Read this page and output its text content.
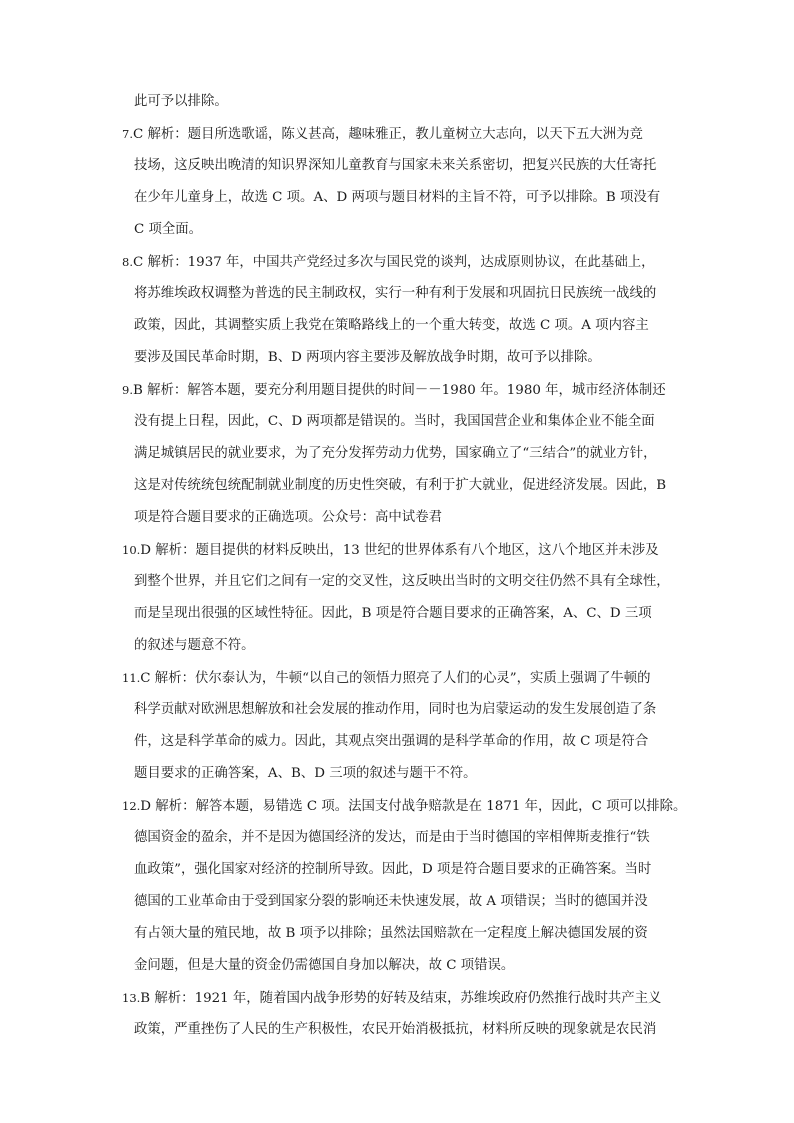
此可予以排除。
7.C 解析：题目所选歌谣，陈义甚高，趣味雅正，教儿童树立大志向，以天下五大洲为竞
技场，这反映出晚清的知识界深知儿童教育与国家未来关系密切，把复兴民族的大任寄托
在少年儿童身上，故选 C 项。A、D 两项与题目材料的主旨不符，可予以排除。B 项没有
C 项全面。
8.C 解析：1937 年，中国共产党经过多次与国民党的谈判，达成原则协议，在此基础上，
将苏维埃政权调整为普选的民主制政权，实行一种有利于发展和巩固抗日民族统一战线的
政策，因此，其调整实质上我党在策略路线上的一个重大转变，故选 C 项。A 项内容主
要涉及国民革命时期，B、D 两项内容主要涉及解放战争时期，故可予以排除。
9.B 解析：解答本题，要充分利用题目提供的时间－－1980 年。1980 年，城市经济体制还
没有提上日程，因此，C、D 两项都是错误的。当时，我国国营企业和集体企业不能全面
满足城镇居民的就业要求，为了充分发挥劳动力优势，国家确立了“三结合”的就业方针，
这是对传统统包统配制就业制度的历史性突破，有利于扩大就业，促进经济发展。因此，B
项是符合题目要求的正确选项。公众号：高中试卷君
10.D 解析：题目提供的材料反映出，13 世纪的世界体系有八个地区，这八个地区并未涉及
到整个世界，并且它们之间有一定的交叉性，这反映出当时的文明交往仍然不具有全球性，
而是呈现出很强的区域性特征。因此，B 项是符合题目要求的正确答案，A、C、D 三项
的叙述与题意不符。
11.C 解析：伏尔泰认为，牛顿“以自己的领悟力照亮了人们的心灵”，实质上强调了牛顿的
科学贡献对欧洲思想解放和社会发展的推动作用，同时也为启蒙运动的发生发展创造了条
件，这是科学革命的威力。因此，其观点突出强调的是科学革命的作用，故 C 项是符合
题目要求的正确答案，A、B、D 三项的叙述与题干不符。
12.D 解析：解答本题，易错选 C 项。法国支付战争赔款是在 1871 年，因此，C 项可以排除。
德国资金的盈余，并不是因为德国经济的发达，而是由于当时德国的宰相俾斯麦推行“铁
血政策”，强化国家对经济的控制所导致。因此，D 项是符合题目要求的正确答案。当时
德国的工业革命由于受到国家分裂的影响还未快速发展，故 A 项错误；当时的德国并没
有占领大量的殖民地，故 B 项予以排除；虽然法国赔款在一定程度上解决德国发展的资
金问题，但是大量的资金仍需德国自身加以解决，故 C 项错误。
13.B 解析：1921 年，随着国内战争形势的好转及结束，苏维埃政府仍然推行战时共产主义
政策，严重挫伤了人民的生产积极性，农民开始消极抵抗，材料所反映的现象就是农民消
